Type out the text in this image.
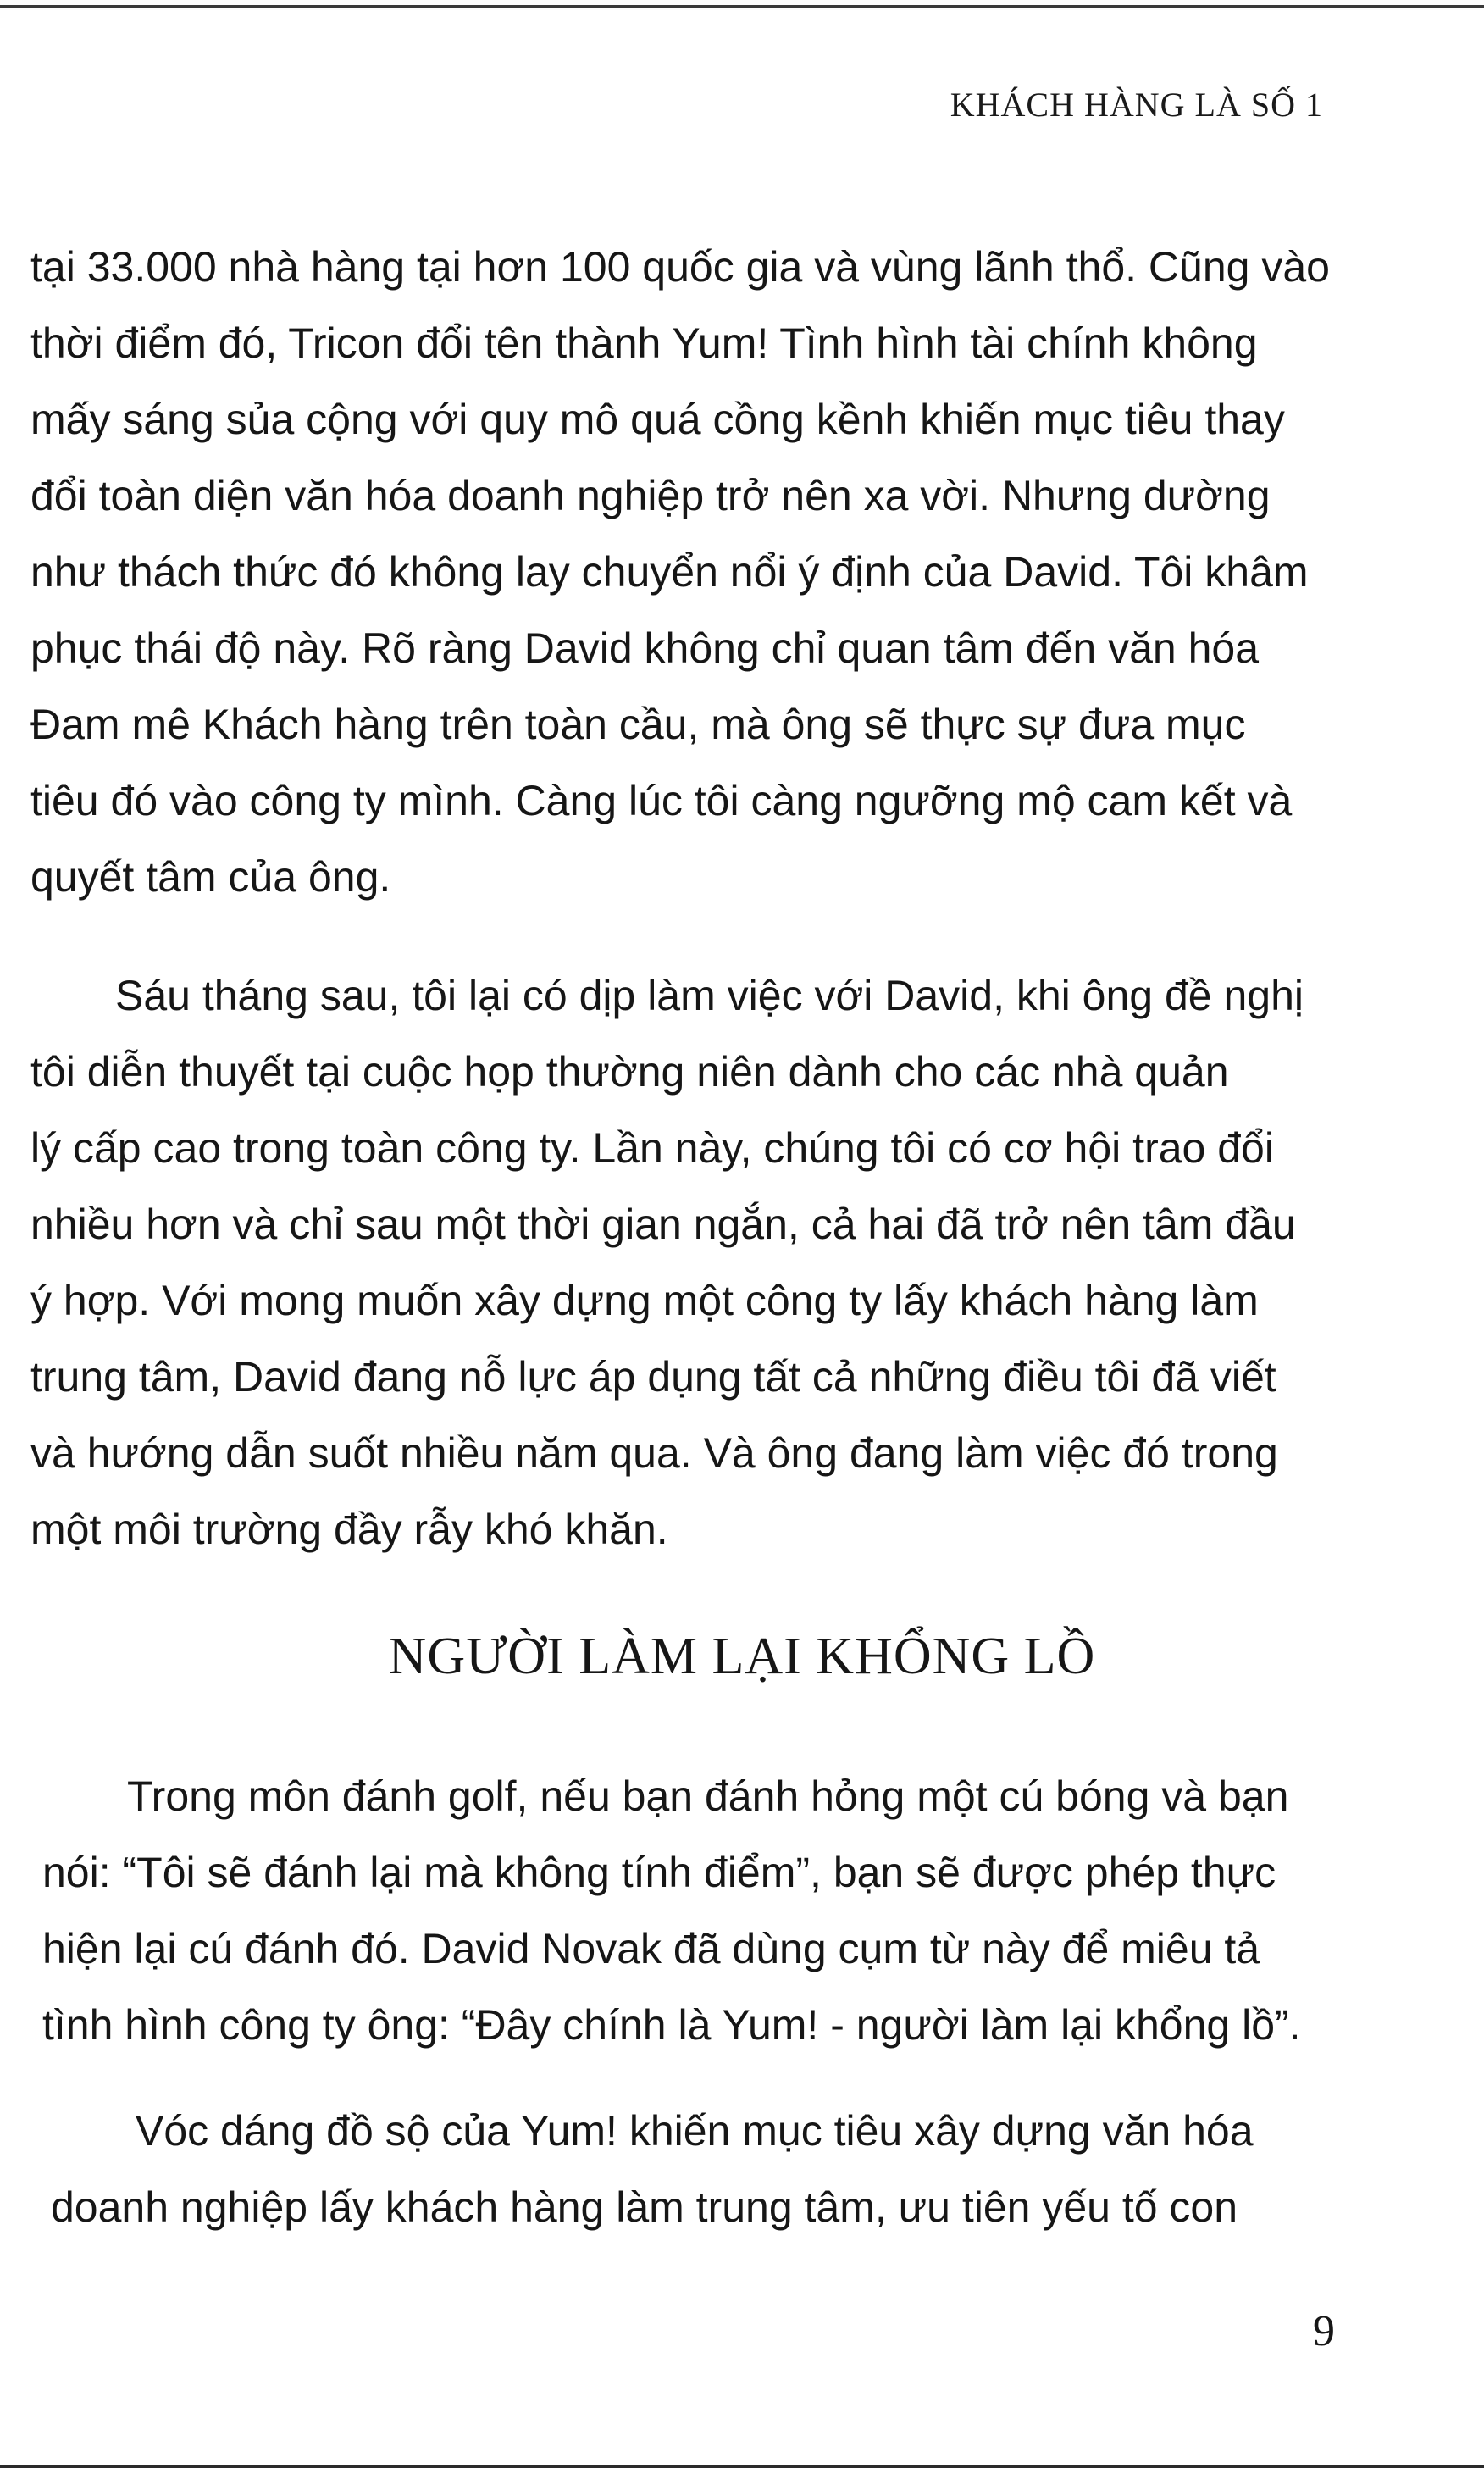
KHÁCH HÀNG LÀ SỐ 1
tại 33.000 nhà hàng tại hơn 100 quốc gia và vùng lãnh thổ. Cũng vào
thời điểm đó, Tricon đổi tên thành Yum! Tình hình tài chính không
mấy sáng sủa cộng với quy mô quá cồng kềnh khiến mục tiêu thay
đổi toàn diện văn hóa doanh nghiệp trở nên xa vời. Nhưng dường
như thách thức đó không lay chuyển nổi ý định của David. Tôi khâm
phục thái độ này. Rõ ràng David không chỉ quan tâm đến văn hóa
Đam mê Khách hàng trên toàn cầu, mà ông sẽ thực sự đưa mục
tiêu đó vào công ty mình. Càng lúc tôi càng ngưỡng mộ cam kết và
quyết tâm của ông.
Sáu tháng sau, tôi lại có dịp làm việc với David, khi ông đề nghị
tôi diễn thuyết tại cuộc họp thường niên dành cho các nhà quản
lý cấp cao trong toàn công ty. Lần này, chúng tôi có cơ hội trao đổi
nhiều hơn và chỉ sau một thời gian ngắn, cả hai đã trở nên tâm đầu
ý hợp. Với mong muốn xây dựng một công ty lấy khách hàng làm
trung tâm, David đang nỗ lực áp dụng tất cả những điều tôi đã viết
và hướng dẫn suốt nhiều năm qua. Và ông đang làm việc đó trong
một môi trường đầy rẫy khó khăn.
NGƯỜI LÀM LẠI KHỔNG LỒ
Trong môn đánh golf, nếu bạn đánh hỏng một cú bóng và bạn
nói: “Tôi sẽ đánh lại mà không tính điểm”, bạn sẽ được phép thực
hiện lại cú đánh đó. David Novak đã dùng cụm từ này để miêu tả
tình hình công ty ông: “Đây chính là Yum! - người làm lại khổng lồ”.
Vóc dáng đồ sộ của Yum! khiến mục tiêu xây dựng văn hóa
doanh nghiệp lấy khách hàng làm trung tâm, ưu tiên yếu tố con
9
